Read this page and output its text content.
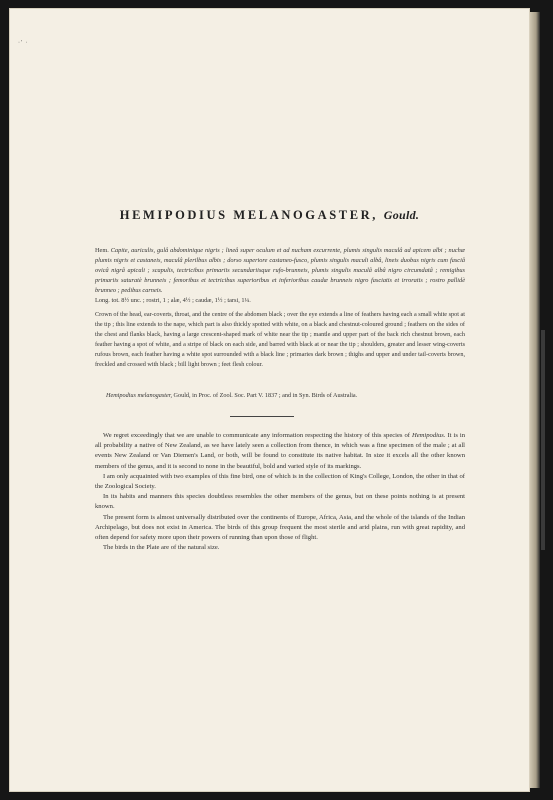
·' ·
HEMIPODIUS MELANOGASTER, Gould.
Hem. Capite, auriculis, gulâ abdominique nigris ; lineâ super oculum et ad nucham excurrente, plumis singulis maculâ ad apicem albi ; nuchæ plumis nigris et castaneis, maculâ plerilbus albis ; dorso superiore castaneo-fusco, plumis singulis maculi albâ, lineis duobus nigris cum fasciâ ovicâ nigrâ apicali ; scapulis, tectricibus primariis secundariisque rufo-brunneis, plumis singulis maculâ albâ nigro circumdatâ ; remigibus primariis saturatè brunneis ; femoribus et tectricibus superioribus et inferioribus caudæ brunneis nigro fasciatis et irroratis ; rostro pallidè brunneo ; pedibus carneis.
Long. tot. 8½ unc. ; rostri, 1 ; alæ, 4½ ; caudæ, 1½ ; tarsi, 1¼.

Crown of the head, ear-coverts, throat, and the centre of the abdomen black ; over the eye extends a line of feathers having each a small white spot at the tip ; this line extends to the nape, which part is also thickly spotted with white, on a black and chestnut-coloured ground ; feathers on the sides of the chest and flanks black, having a large crescent-shaped mark of white near the tip ; mantle and upper part of the back rich chestnut brown, each feather having a spot of white, and a stripe of black on each side, and barred with black at or near the tip ; shoulders, greater and lesser wing-coverts rufous brown, each feather having a white spot surrounded with a black line ; primaries dark brown ; thighs and upper and under tail-coverts brown, freckled and crossed with black ; bill light brown ; feet flesh colour.

Hemipodius melanogaster, Gould, in Proc. of Zool. Soc. Part V. 1837 ; and in Syn. Birds of Australia.

We regret exceedingly that we are unable to communicate any information respecting the history of this species of Hemipodius. It is in all probability a native of New Zealand, as we have lately seen a collection from thence, in which was a fine specimen of the male ; at all events New Zealand or Van Diemen's Land, or both, will be found to constitute its native habitat. In size it excels all the other known members of the genus, and it is second to none in the beautiful, bold and varied style of its markings.

I am only acquainted with two examples of this fine bird, one of which is in the collection of King's College, London, the other in that of the Zoological Society.

In its habits and manners this species doubtless resembles the other members of the genus, but on these points nothing is at present known.

The present form is almost universally distributed over the continents of Europe, Africa, Asia, and the whole of the islands of the Indian Archipelago, but does not exist in America. The birds of this group frequent the most sterile and arid plains, run with great rapidity, and often depend for safety more upon their powers of running than upon those of flight.

The birds in the Plate are of the natural size.
